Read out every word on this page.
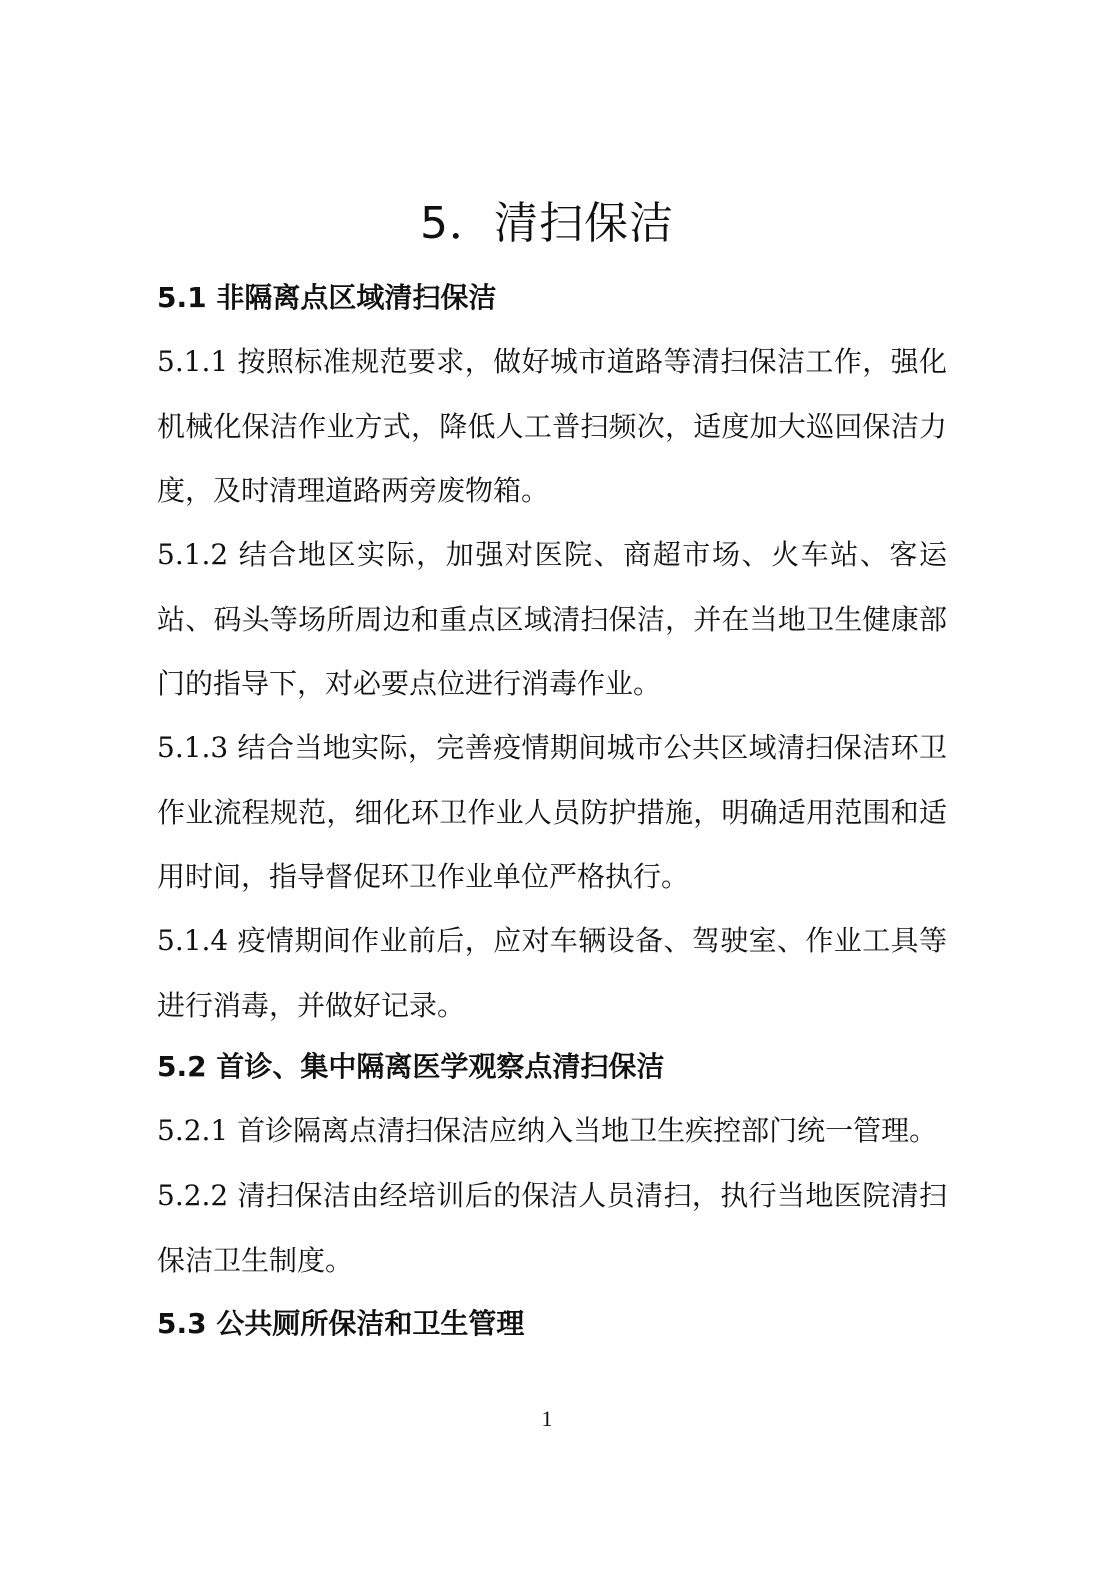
5．清扫保洁
5.1 非隔离点区域清扫保洁
5.1.1 按照标准规范要求，做好城市道路等清扫保洁工作，强化机械化保洁作业方式，降低人工普扫频次，适度加大巡回保洁力度，及时清理道路两旁废物箱。
5.1.2 结合地区实际，加强对医院、商超市场、火车站、客运站、码头等场所周边和重点区域清扫保洁，并在当地卫生健康部门的指导下，对必要点位进行消毒作业。
5.1.3 结合当地实际，完善疫情期间城市公共区域清扫保洁环卫作业流程规范，细化环卫作业人员防护措施，明确适用范围和适用时间，指导督促环卫作业单位严格执行。
5.1.4 疫情期间作业前后，应对车辆设备、驾驶室、作业工具等进行消毒，并做好记录。
5.2 首诊、集中隔离医学观察点清扫保洁
5.2.1 首诊隔离点清扫保洁应纳入当地卫生疾控部门统一管理。
5.2.2 清扫保洁由经培训后的保洁人员清扫，执行当地医院清扫保洁卫生制度。
5.3 公共厕所保洁和卫生管理
1
